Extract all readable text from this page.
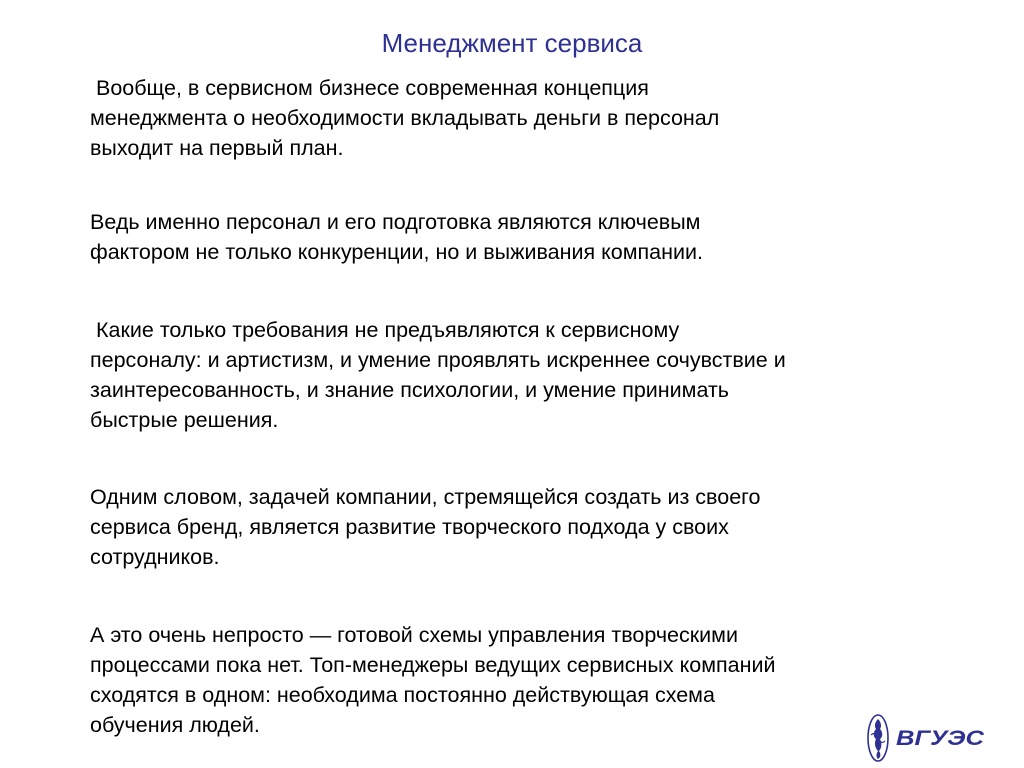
Менеджмент сервиса

Вообще, в сервисном бизнесе современная концепция
менеджмента о необходимости вкладывать деньги в персонал
выходит на первый план.

Ведь именно персонал и его подготовка являются ключевым
фактором не только конкуренции, но и выживания компании.

Какие только требования не предъявляются к сервисному
персоналу: и артистизм, и умение проявлять искреннее сочувствие и
заинтересованность, и знание психологии, и умение принимать
быстрые решения.

Одним словом, задачей компании, стремящейся создать из своего
сервиса бренд, является развитие творческого подхода у своих
сотрудников.

А это очень непросто — готовой схемы управления творческими
процессами пока нет. Топ-менеджеры ведущих сервисных компаний
сходятся в одном: необходима постоянно действующая схема
обучения людей.

ВГУЭС
